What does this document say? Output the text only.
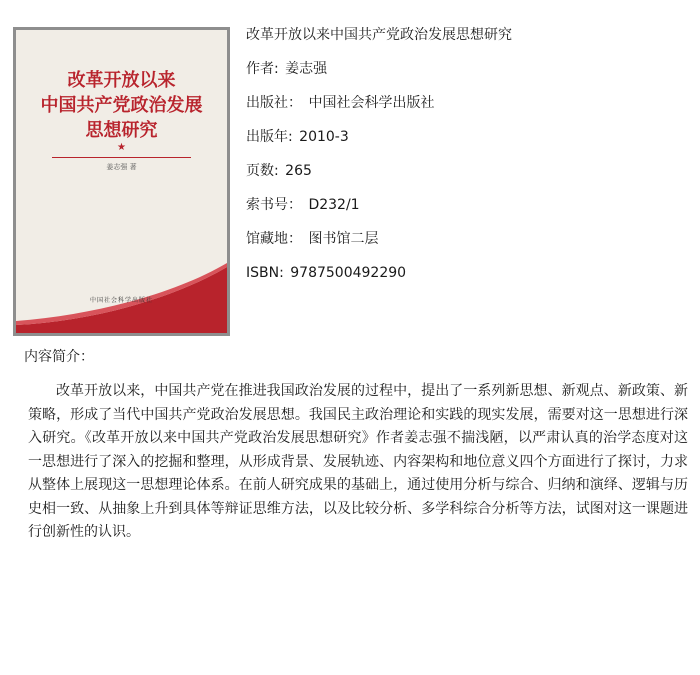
改革开放以来
中国共产党政治发展
思想研究
★
姜志强 著
中国社会科学出版社
改革开放以来中国共产党政治发展思想研究
作者: 姜志强
出版社： 中国社会科学出版社
出版年: 2010-3
页数: 265
索书号： D232/1
馆藏地： 图书馆二层
ISBN: 9787500492290
内容简介：

改革开放以来，中国共产党在推进我国政治发展的过程中，提出了一系列新思想、新观点、新政策、新策略，形成了当代中国共产党政治发展思想。我国民主政治理论和实践的现实发展，需要对这一思想进行深入研究。《改革开放以来中国共产党政治发展思想研究》作者姜志强不揣浅陋，以严肃认真的治学态度对这一思想进行了深入的挖掘和整理，从形成背景、发展轨迹、内容架构和地位意义四个方面进行了探讨，力求从整体上展现这一思想理论体系。在前人研究成果的基础上，通过使用分析与综合、归纳和演绎、逻辑与历史相一致、从抽象上升到具体等辩证思维方法，以及比较分析、多学科综合分析等方法，试图对这一课题进行创新性的认识。
